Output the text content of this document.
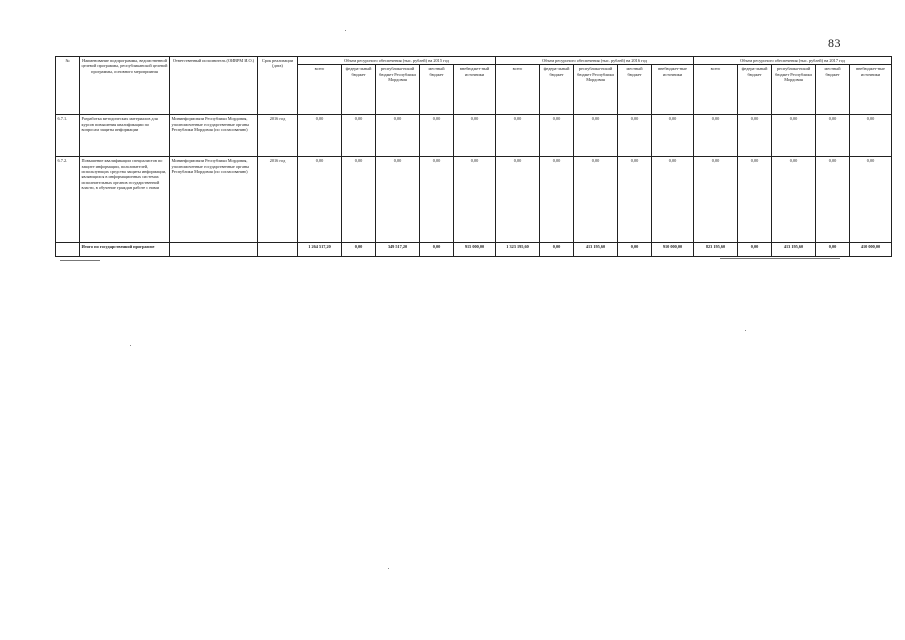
83
№	Наименование подпрограммы, ведомственной целевой программы, республиканской целевой программы, основного мероприятия	Ответственный исполнитель (ОИВРМ И.О.)	Срок реализации (дата)	Объем ресурсного обеспечения (тыс. рублей) на 2015 год					Объем ресурсного обеспечения (тыс. рублей) на 2016 год					Объем ресурсного обеспечения (тыс. рублей) на 2017 год				
				всего	федера-льный бюджет	республика-нский бюджет Республики Мордовия	местный бюджет	внебюджет-ный источники	всего	федера-льный бюджет	республика-нский бюджет Республики Мордовия	местный бюджет	внебюджет-ные источники	всего	федера-льный бюджет	республика-нский бюджет Республики Мордовия	местный бюджет	внебюджет-ные источники
6.7.1.	Разработка методических материалов для курсов повышения квалификации по вопросам защиты информации	Мининформсвязи Республики Мордовия, уполномоченные государственные органы Республики Мордовия (по согласованию)	2016 год	0,00	0,00	0,00	0,00	0,00	0,00	0,00	0,00	0,00	0,00	0,00	0,00	0,00	0,00	0,00
6.7.2.	Повышение квалификации специалистов по защите информации, пользователей, использующих средства защиты информации, являющихся в информационных системах исполнительных органов государственной власти, в обучение граждан работе с ними	Мининформсвязи Республики Мордовия, уполномоченные государственные органы Республики Мордовия (по согласованию)	2016 год	0,00	0,00	0,00	0,00	0,00	0,00	0,00	0,00	0,00	0,00	0,00	0,00	0,00	0,00	0,00
	Итого по государственной программе			1 264 517,20	0,00	349 517,20	0,00	915 000,00	1 323 195,60	0,00	413 195,60	0,00	910 000,00	823 195,60	0,00	413 195,60	0,00	410 000,00
